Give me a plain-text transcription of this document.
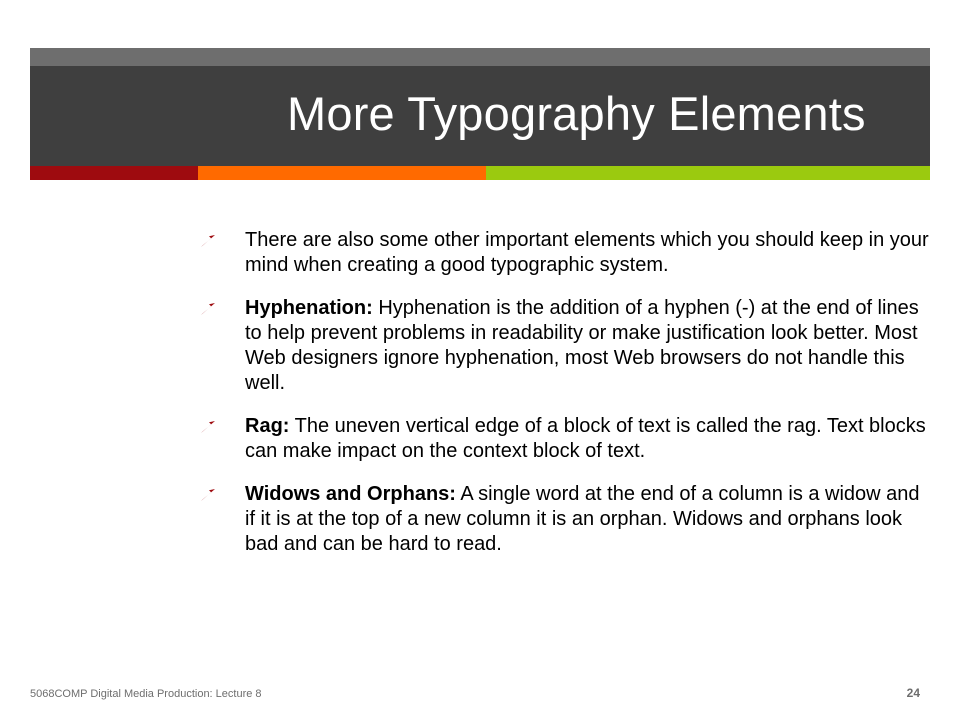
More Typography Elements
There are also some other important elements which you should keep in your mind when creating a good typographic system.
Hyphenation: Hyphenation is the addition of a hyphen (-) at the end of lines to help prevent problems in readability or make justification look better. Most Web designers ignore hyphenation, most Web browsers do not handle this well.
Rag: The uneven vertical edge of a block of text is called the rag. Text blocks can make impact on the context block of text.
Widows and Orphans: A single word at the end of a column is a widow and if it is at the top of a new column it is an orphan. Widows and orphans look bad and can be hard to read.
5068COMP Digital Media Production: Lecture 8	24
